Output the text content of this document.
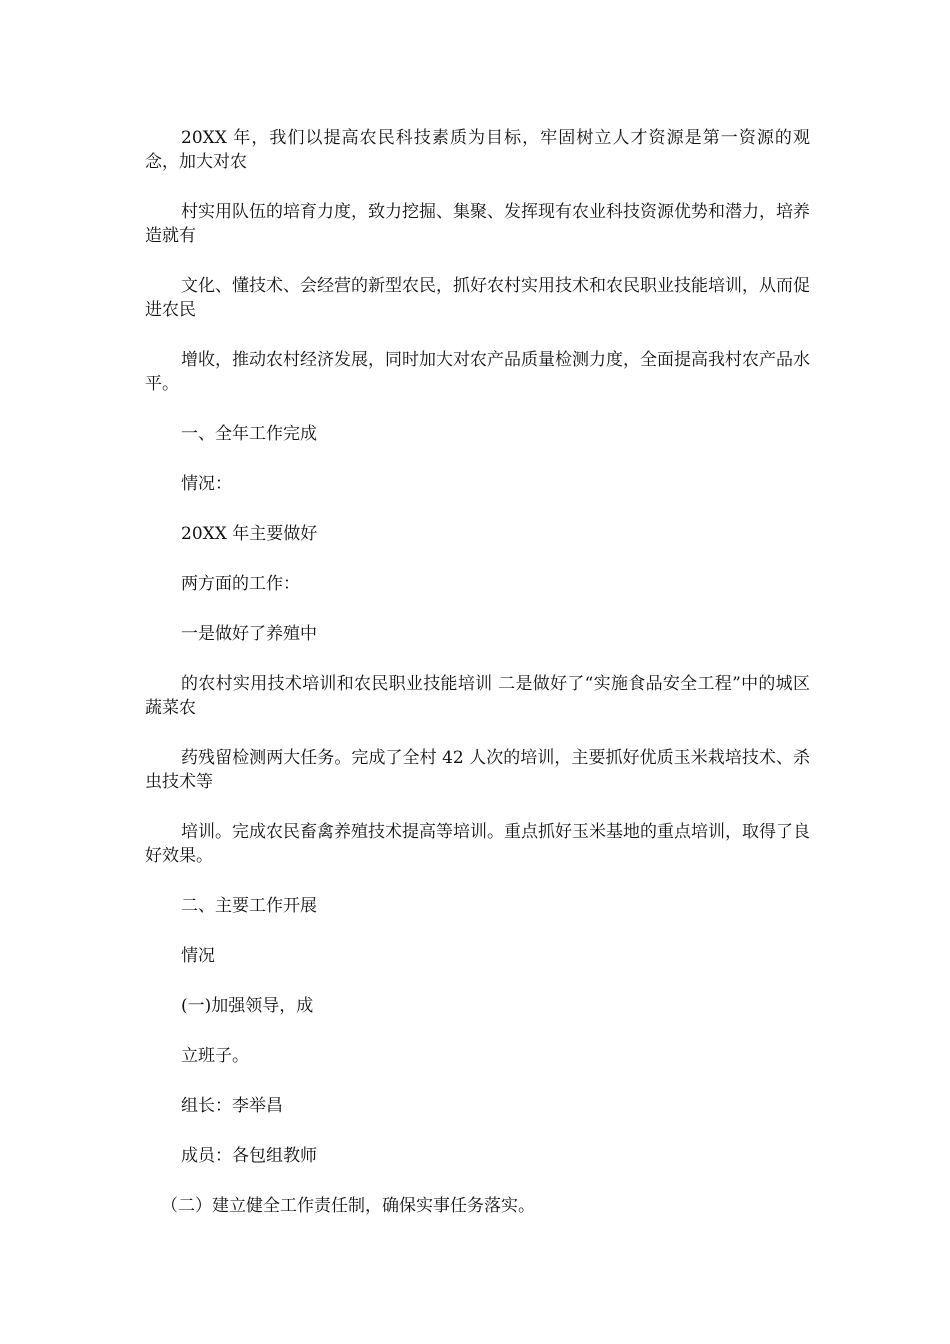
20XX 年，我们以提高农民科技素质为目标，牢固树立人才资源是第一资源的观念，加大对农

村实用队伍的培育力度，致力挖掘、集聚、发挥现有农业科技资源优势和潜力，培养造就有

文化、懂技术、会经营的新型农民，抓好农村实用技术和农民职业技能培训，从而促进农民

增收，推动农村经济发展，同时加大对农产品质量检测力度，全面提高我村农产品水平。

一、全年工作完成

情况：

20XX 年主要做好

两方面的工作：

一是做好了养殖中

的农村实用技术培训和农民职业技能培训 二是做好了“实施食品安全工程”中的城区蔬菜农

药残留检测两大任务。完成了全村 42 人次的培训，主要抓好优质玉米栽培技术、杀虫技术等

培训。完成农民畜禽养殖技术提高等培训。重点抓好玉米基地的重点培训，取得了良好效果。

二、主要工作开展

情况

(一)加强领导，成

立班子。

组长：李举昌

成员：各包组教师

（二）建立健全工作责任制，确保实事任务落实。
